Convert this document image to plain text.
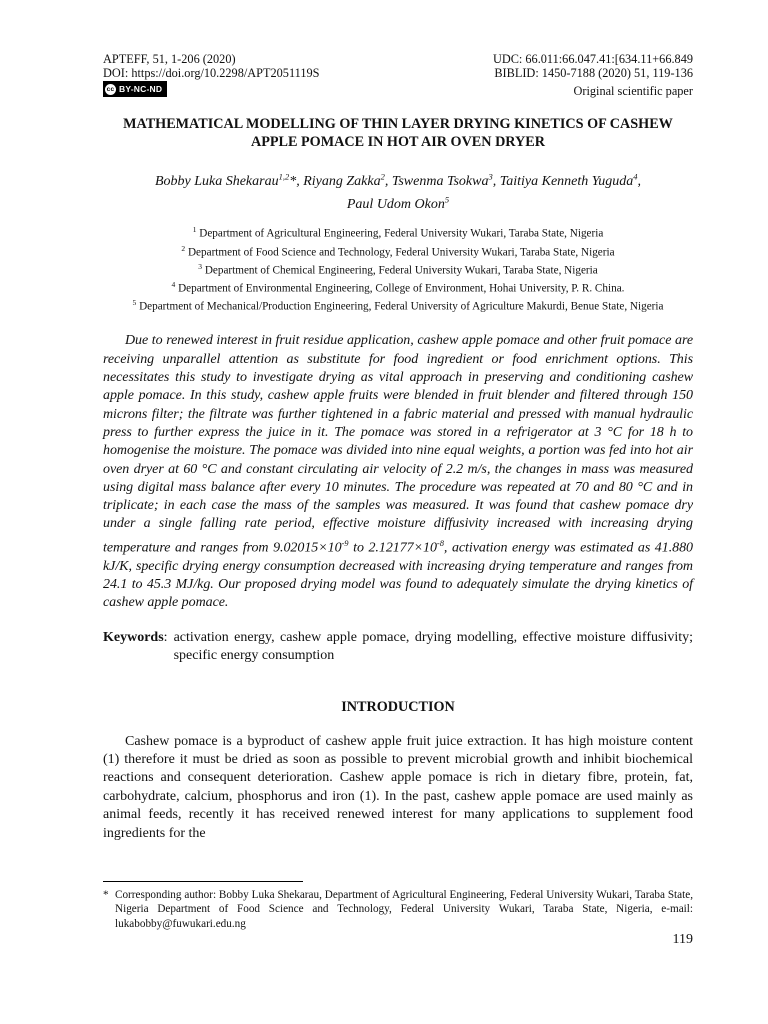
APTEFF, 51, 1-206 (2020)	UDC: 66.011:66.047.41:[634.11+66.849
DOI: https://doi.org/10.2298/APT2051119S	BIBLID: 1450-7188 (2020) 51, 119-136
cc BY-NC-ND	Original scientific paper
MATHEMATICAL MODELLING OF THIN LAYER DRYING KINETICS OF CASHEW APPLE POMACE IN HOT AIR OVEN DRYER
Bobby Luka Shekarau$^{1,2}$*, Riyang Zakka$^2$, Tswenma Tsokwa$^3$, Taitiya Kenneth Yuguda$^4$,
Paul Udom Okon$^5$
$^1$ Department of Agricultural Engineering, Federal University Wukari, Taraba State, Nigeria
$^2$ Department of Food Science and Technology, Federal University Wukari, Taraba State, Nigeria
$^3$ Department of Chemical Engineering, Federal University Wukari, Taraba State, Nigeria
$^4$ Department of Environmental Engineering, College of Environment, Hohai University, P. R. China.
$^5$ Department of Mechanical/Production Engineering, Federal University of Agriculture Makurdi, Benue State, Nigeria
Due to renewed interest in fruit residue application, cashew apple pomace and other fruit pomace are receiving unparallel attention as substitute for food ingredient or food enrichment options. This necessitates this study to investigate drying as vital approach in preserving and conditioning cashew apple pomace. In this study, cashew apple fruits were blended in fruit blender and filtered through 150 microns filter; the filtrate was further tightened in a fabric material and pressed with manual hydraulic press to further express the juice in it. The pomace was stored in a refrigerator at 3 °C for 18 h to homogenise the moisture. The pomace was divided into nine equal weights, a portion was fed into hot air oven dryer at 60 °C and constant circulating air velocity of 2.2 m/s, the changes in mass was measured using digital mass balance after every 10 minutes. The procedure was repeated at 70 and 80 °C and in triplicate; in each case the mass of the samples was measured. It was found that cashew pomace dry under a single falling rate period, effective moisture diffusivity increased with increasing drying temperature and ranges from $9.02015\times 10^{-9}$ to $2.12177\times 10^{-8}$, activation energy was estimated as 41.880 kJ/K, specific drying energy consumption decreased with increasing drying temperature and ranges from 24.1 to 45.3 MJ/kg. Our proposed drying model was found to adequately simulate the drying kinetics of cashew apple pomace.
Keywords : activation energy, cashew apple pomace, drying modelling, effective moisture diffusivity; specific energy consumption
INTRODUCTION
Cashew pomace is a byproduct of cashew apple fruit juice extraction. It has high moisture content (1) therefore it must be dried as soon as possible to prevent microbial growth and inhibit biochemical reactions and consequent deterioration. Cashew apple pomace is rich in dietary fibre, protein, fat, carbohydrate, calcium, phosphorus and iron (1). In the past, cashew apple pomace are used mainly as animal feeds, recently it has received renewed interest for many applications to supplement food ingredients for the
* Corresponding author: Bobby Luka Shekarau, Department of Agricultural Engineering, Federal University Wukari, Taraba State, Nigeria Department of Food Science and Technology, Federal University Wukari, Taraba State, Nigeria, e-mail: lukabobby@fuwukari.edu.ng
119
